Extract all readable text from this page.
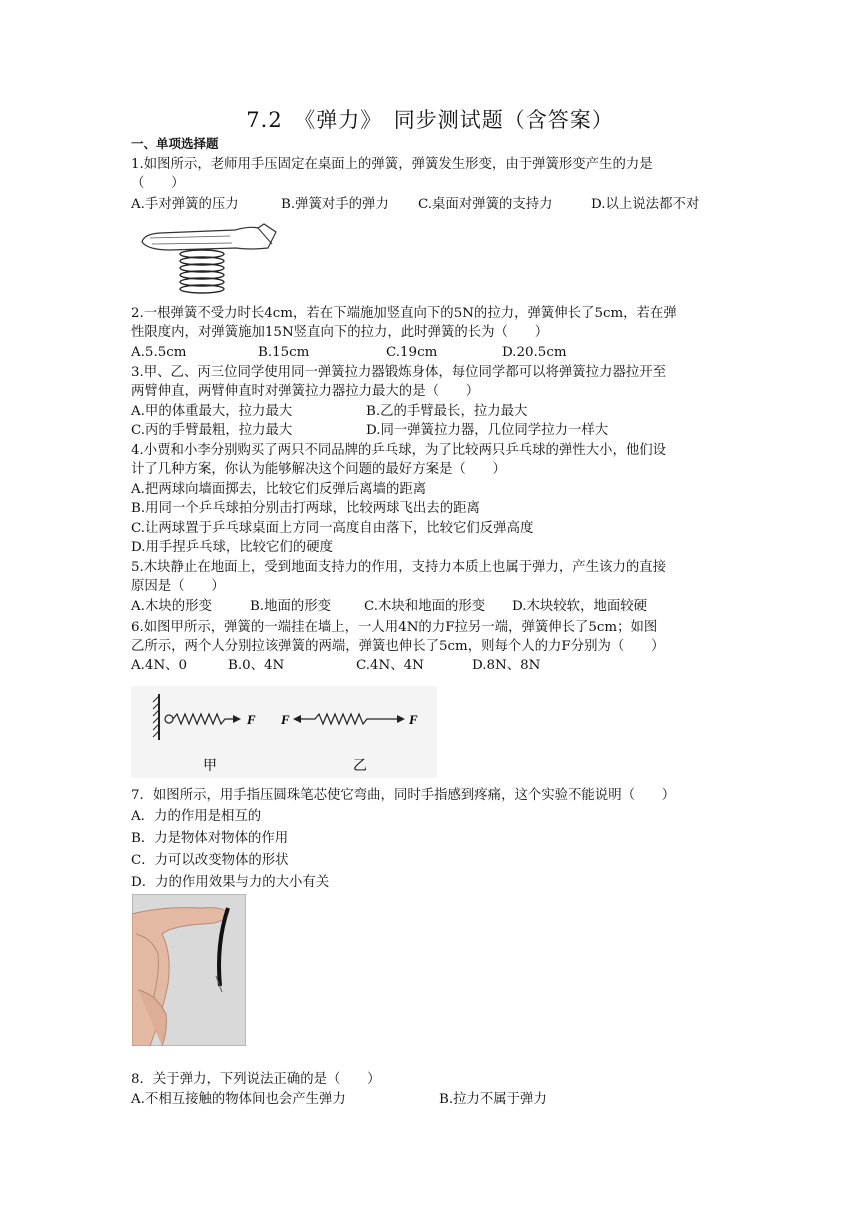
7.2　《弹力》　同步测试题（含答案）
一、单项选择题
1.如图所示，老师用手压固定在桌面上的弹簧，弹簧发生形变，由于弹簧形变产生的力是
（　　）
A.手对弹簧的压力	B.弹簧对手的弹力 C.桌面对弹簧的支持力	D.以上说法都不对
2.一根弹簧不受力时长4cm，若在下端施加竖直向下的5N的拉力，弹簧伸长了5cm，若在弹
性限度内，对弹簧施加15N竖直向下的拉力，此时弹簧的长为（　　）
A.5.5cm	B.15cm	C.19cm	D.20.5cm
3.甲、乙、丙三位同学使用同一弹簧拉力器锻炼身体，每位同学都可以将弹簧拉力器拉开至
两臂伸直，两臂伸直时对弹簧拉力器拉力最大的是（　　）
A.甲的体重最大，拉力最大	B.乙的手臂最长，拉力最大
C.丙的手臂最粗，拉力最大	D.同一弹簧拉力器，几位同学拉力一样大
4.小贾和小李分别购买了两只不同品牌的乒乓球，为了比较两只乒乓球的弹性大小，他们设
计了几种方案，你认为能够解决这个问题的最好方案是（　　）
A.把两球向墙面掷去，比较它们反弹后离墙的距离
B.用同一个乒乓球拍分别击打两球，比较两球飞出去的距离
C.让两球置于乒乓球桌面上方同一高度自由落下，比较它们反弹高度
D.用手捏乒乓球，比较它们的硬度
5.木块静止在地面上，受到地面支持力的作用，支持力本质上也属于弹力，产生该力的直接
原因是（　　）
A.木块的形变	B.地面的形变 C.木块和地面的形变 D.木块较软，地面较硬
6.如图甲所示，弹簧的一端挂在墙上，一人用4N的力F拉另一端，弹簧伸长了5cm；如图
乙所示，两个人分别拉该弹簧的两端，弹簧也伸长了5cm，则每个人的力F分别为（　　）
A.4N、0	B.0、4N	C.4N、4N	D.8N、8N
F F	F
甲	乙
7．如图所示，用手指压圆珠笔芯使它弯曲，同时手指感到疼痛，这个实验不能说明（　　）
A．力的作用是相互的
B．力是物体对物体的作用
C．力可以改变物体的形状
D．力的作用效果与力的大小有关
8．关于弹力，下列说法正确的是（　　）
A.不相互接触的物体间也会产生弹力	B.拉力不属于弹力
